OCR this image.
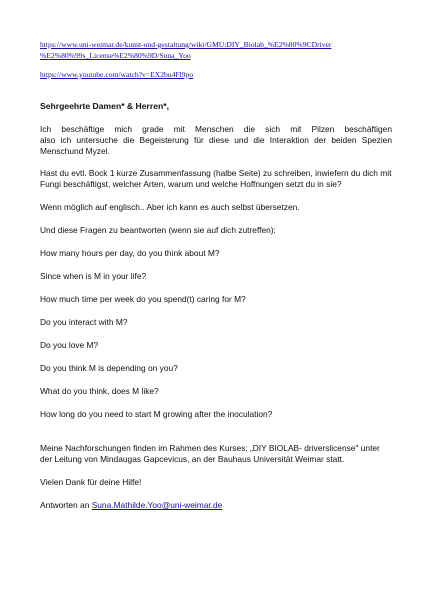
https://www.uni-weimar.de/kunst-und-gestaltung/wiki/GMU:DIY_Biolab_%E2%80%9CDriver
%E2%80%99s_License%E2%80%9D/Suna_Yoo
https://www.youtube.com/watch?v=EX2bu4Fl9po
Sehrgeehrte Damen* & Herren*,
Ich beschäftige mich grade mit Menschen die sich mit Pilzen beschäftigen
also ich untersuche die Begeisterung für diese und die Interaktion der beiden Spezien
Menschund Myzel.
Hast du evtl. Bock 1 kurze Zusammenfassung (halbe Seite) zu schreiben, inwiefern du dich mit
Fungi beschäftigst, welcher Arten, warum und welche Hoffnungen setzt du in sie?
Wenn möglich auf englisch.. Aber ich kann es auch selbst übersetzen.
Und diese Fragen zu beantworten (wenn sie auf dich zutreffen):
How many hours per day, do you think about M?
Since when is M in your life?
How much time per week do you spend(t) caring for M?
Do you interact with M?
Do you love M?
Do you think M is depending on you?
What do you think, does M like?
How long do you need to start M growing after the inoculation?
Meine Nachforschungen finden im Rahmen des Kurses: „DIY BIOLAB- driverslicense" unter
der Leitung von Mindaugas Gapcevicus, an der Bauhaus Universität Weimar statt.
Vielen Dank für deine Hilfe!
Antworten an Suna.Mathilde.Yoo@uni-weimar.de
